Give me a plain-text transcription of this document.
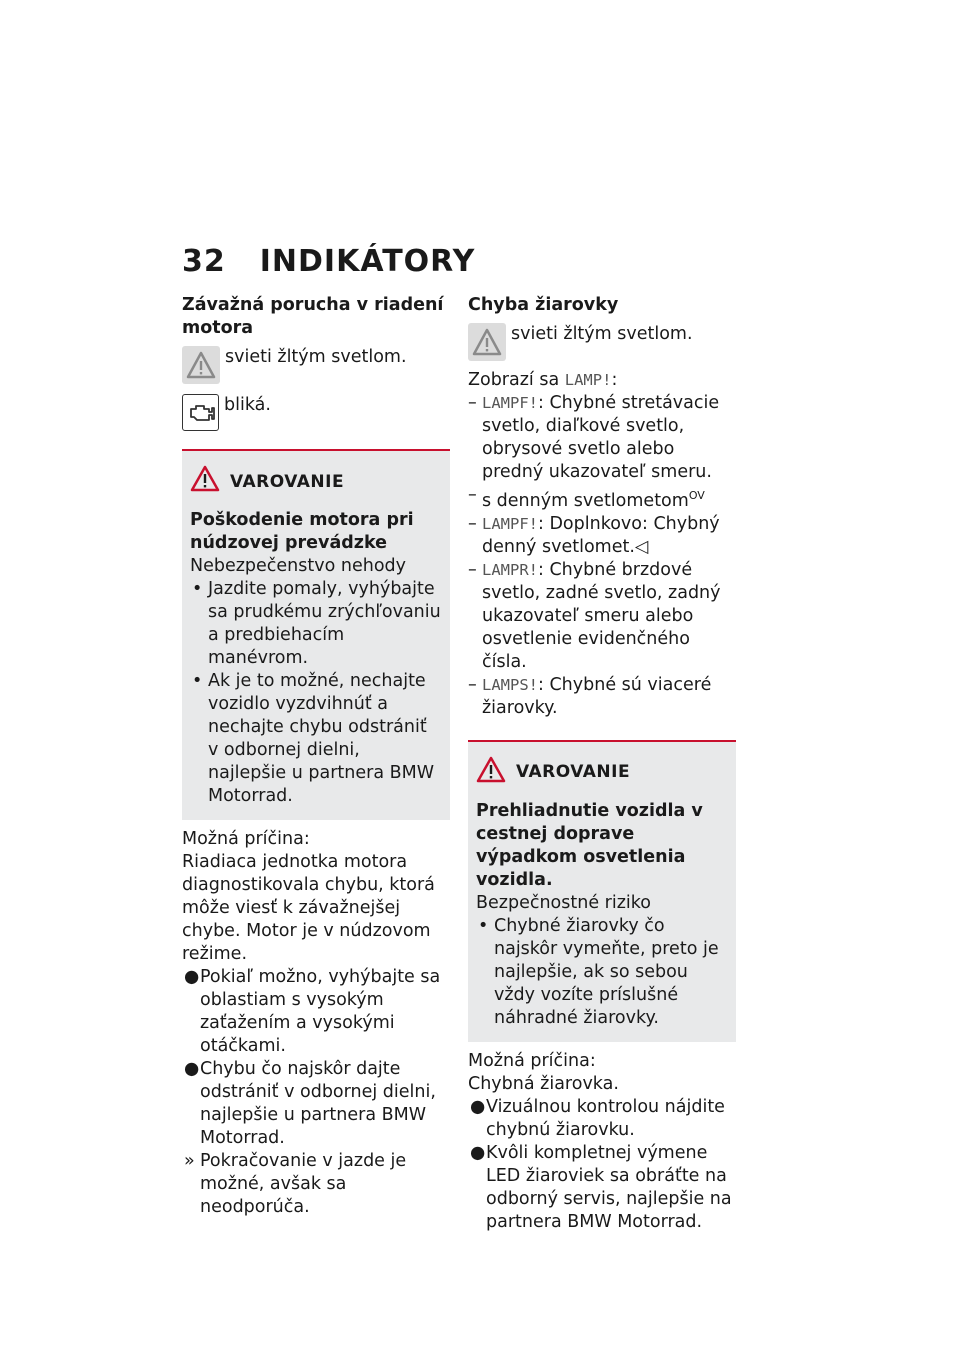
32 INDIKÁTORY
Závažná porucha v riadení motora
svieti žltým svetlom.
bliká.
VAROVANIE
Poškodenie motora pri núdzovej prevádzke
Nebezpečenstvo nehody
• Jazdite pomaly, vyhýbajte sa prudkému zrýchľovaniu a predbiehacím manévrom.
• Ak je to možné, nechajte vozidlo vyzdvihnúť a nechajte chybu odstrániť v odbornej dielni, najlepšie u partnera BMW Motorrad.
Možná príčina:
Riadiaca jednotka motora diagnostikovala chybu, ktorá môže viesť k závažnejšej chybe. Motor je v núdzovom režime.
● Pokiaľ možno, vyhýbajte sa oblastiam s vysokým zaťažením a vysokými otáčkami.
● Chybu čo najskôr dajte odstrániť v odbornej dielni, najlepšie u partnera BMW Motorrad.
» Pokračovanie v jazde je možné, avšak sa neodporúča.
Chyba žiarovky
svieti žltým svetlom.
Zobrazí sa LAMP!:
– LAMPF!: Chybné stretávacie svetlo, diaľkové svetlo, obrysové svetlo alebo predný ukazovateľ smeru.
– s denným svetlometom$^{OV}$
– LAMPF!: Doplnkovo: Chybný denný svetlomet.◁
– LAMPR!: Chybné brzdové svetlo, zadné svetlo, zadný ukazovateľ smeru alebo osvetlenie evidenčného čísla.
– LAMPS!: Chybné sú viaceré žiarovky.
VAROVANIE
Prehliadnutie vozidla v cestnej doprave výpadkom osvetlenia vozidla.
Bezpečnostné riziko
• Chybné žiarovky čo najskôr vymeňte, preto je najlepšie, ak so sebou vždy vozíte príslušné náhradné žiarovky.
Možná príčina:
Chybná žiarovka.
● Vizuálnou kontrolou nájdite chybnú žiarovku.
● Kvôli kompletnej výmene LED žiaroviek sa obráťte na odborný servis, najlepšie na partnera BMW Motorrad.
